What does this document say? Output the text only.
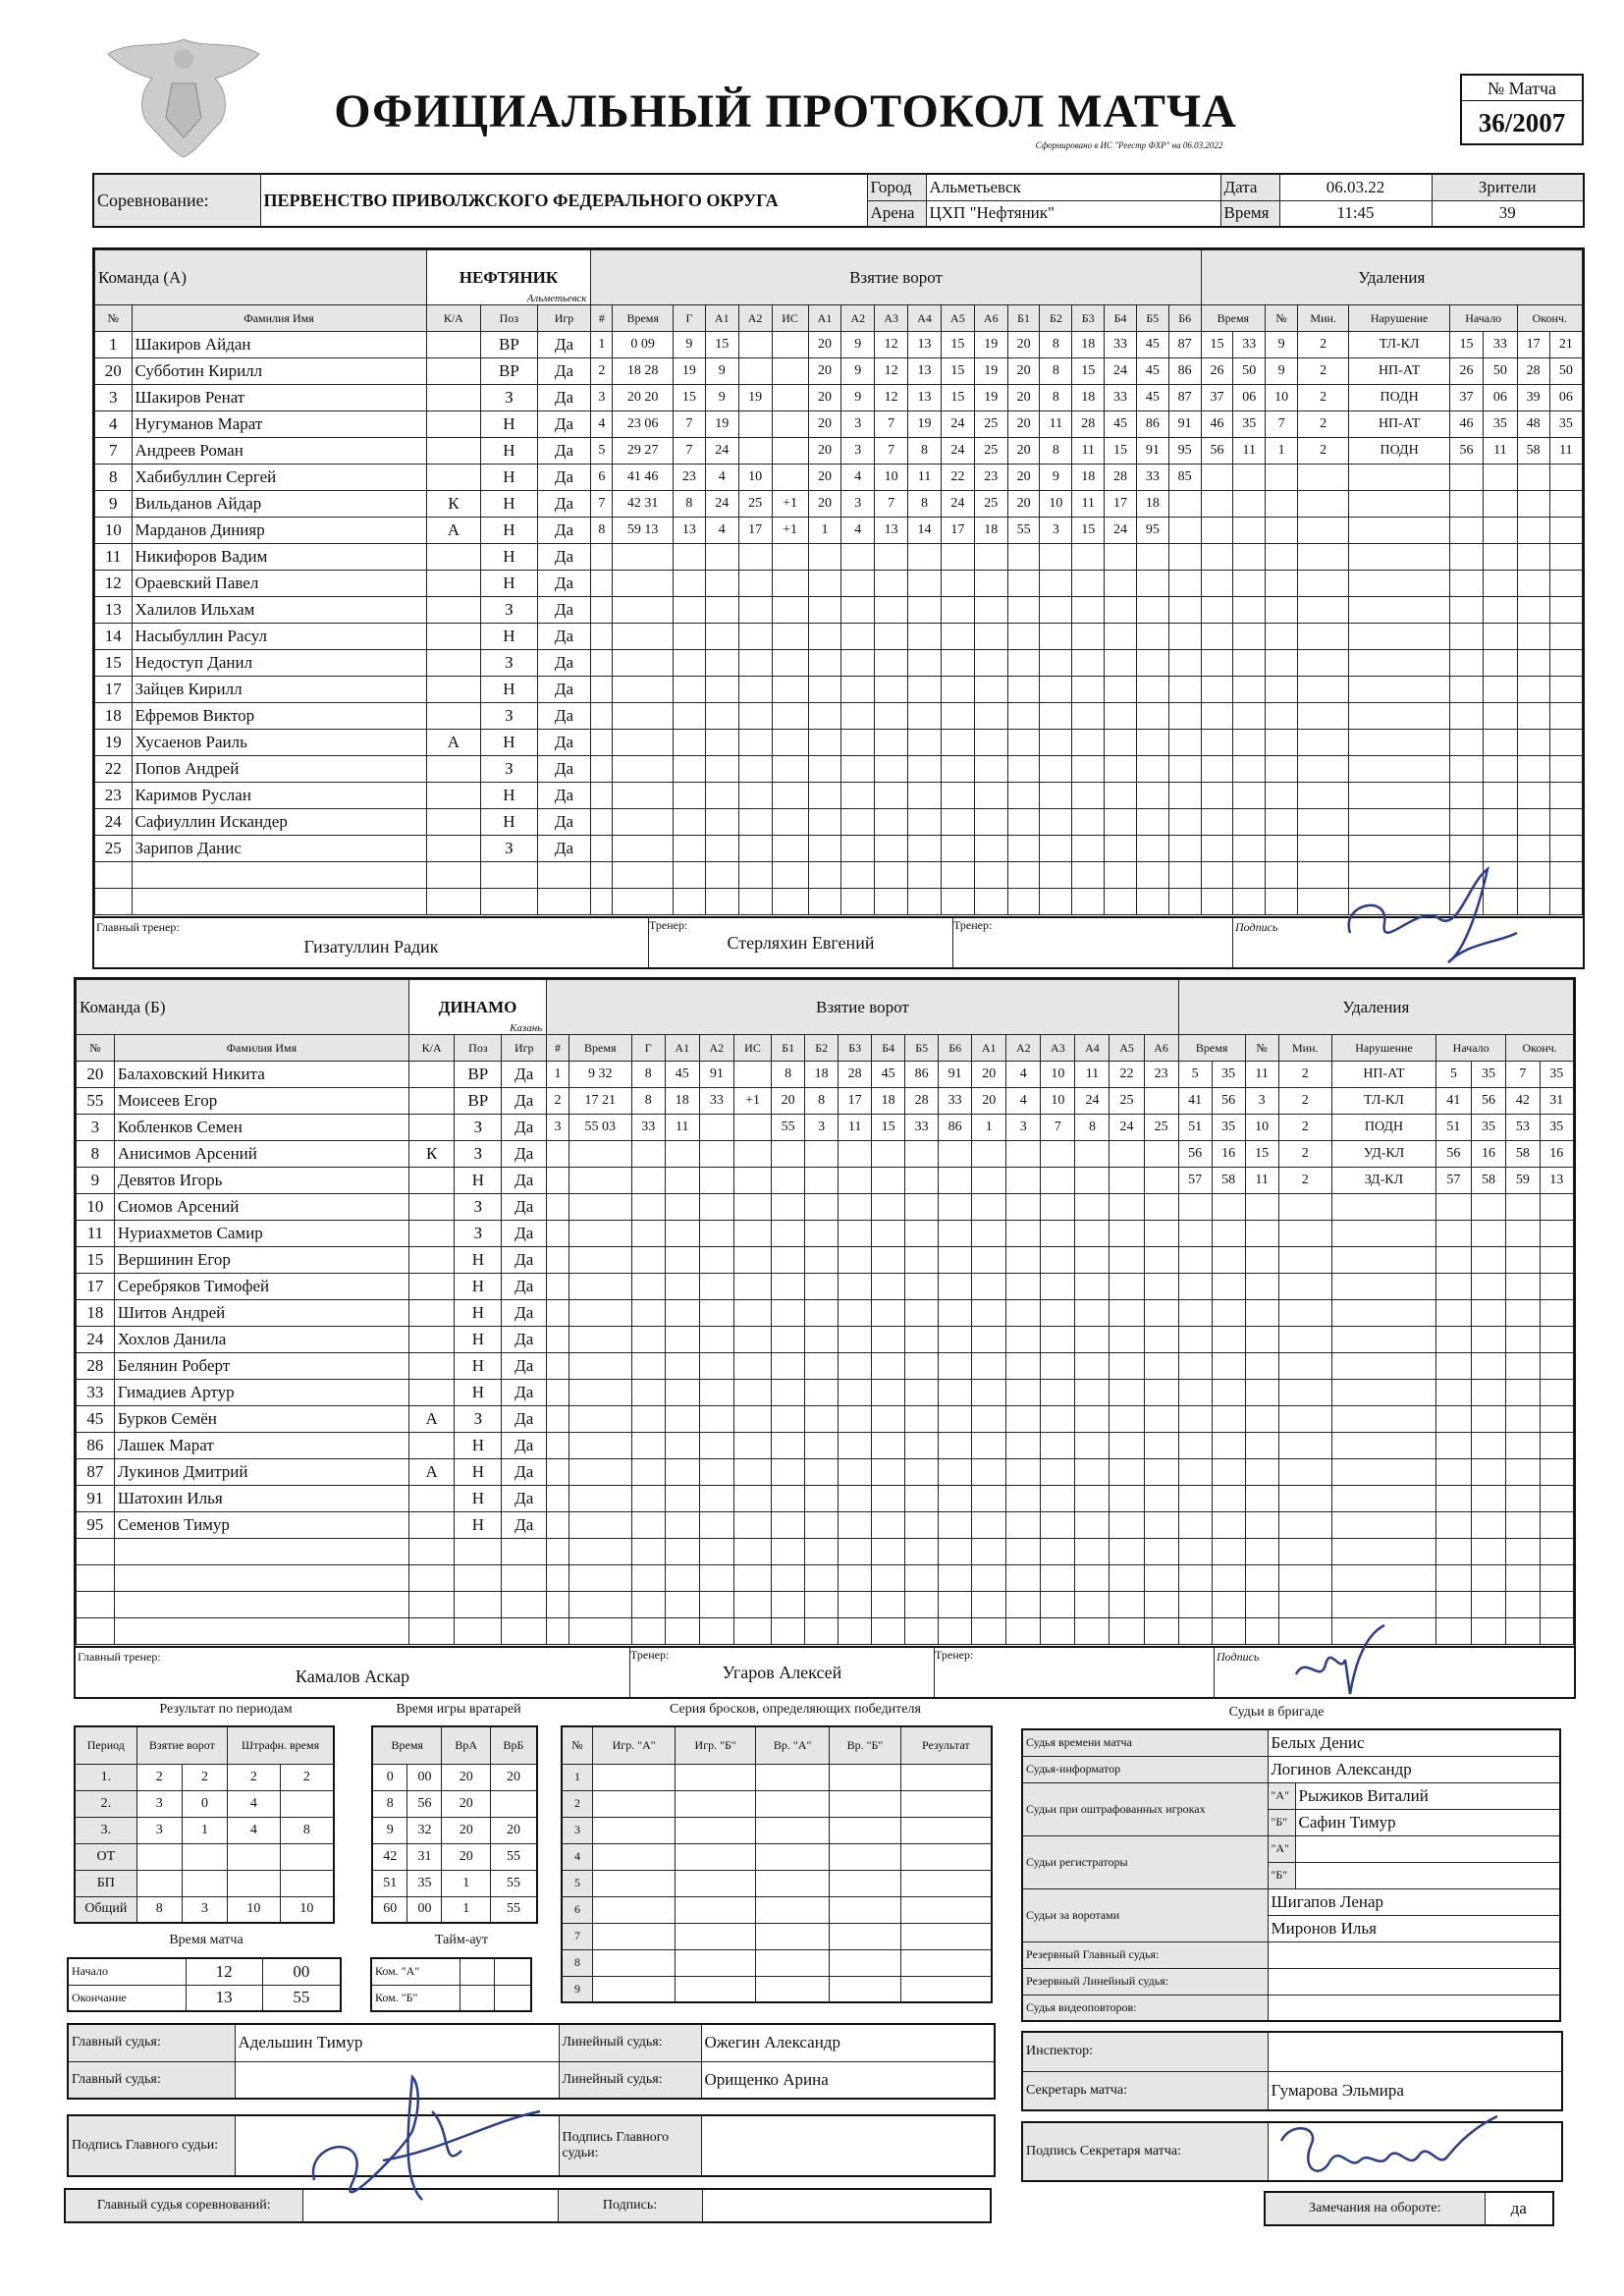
ОФИЦИАЛЬНЫЙ ПРОТОКОЛ МАТЧА
Сформировано в ИС "Реестр ФХР" на 06.03.2022
№ Матча
36/2007
Соревнование:	ПЕРВЕНСТВО ПРИВОЛЖСКОГО ФЕДЕРАЛЬНОГО ОКРУГА	Город	Альметьевск	Дата	06.03.22	Зрители
		Арена	ЦХП "Нефтяник"	Время	11:45	39
Команда (А)		НЕФТЯНИК
Альметьевск			Взятие ворот																		Удаления								
№	Фамилия Имя	К/А	Поз	Игр	#	Время	Г	А1	А2	ИС	А1	А2	А3	А4	А5	А6	Б1	Б2	Б3	Б4	Б5	Б6	Время		№	Мин.	Нарушение	Начало		Оконч.	
1	Шакиров Айдан		ВР	Да	1	0 09	9	15			20	9	12	13	15	19	20	8	18	33	45	87	15	33	9	2	ТЛ-КЛ	15	33	17	21
20	Субботин Кирилл		ВР	Да	2	18 28	19	9			20	9	12	13	15	19	20	8	15	24	45	86	26	50	9	2	НП-АТ	26	50	28	50
3	Шакиров Ренат		З	Да	3	20 20	15	9	19		20	9	12	13	15	19	20	8	18	33	45	87	37	06	10	2	ПОДН	37	06	39	06
4	Нугуманов Марат		Н	Да	4	23 06	7	19			20	3	7	19	24	25	20	11	28	45	86	91	46	35	7	2	НП-АТ	46	35	48	35
7	Андреев Роман		Н	Да	5	29 27	7	24			20	3	7	8	24	25	20	8	11	15	91	95	56	11	1	2	ПОДН	56	11	58	11
8	Хабибуллин Сергей		Н	Да	6	41 46	23	4	10		20	4	10	11	22	23	20	9	18	28	33	85									
9	Вильданов Айдар	К	Н	Да	7	42 31	8	24	25	+1	20	3	7	8	24	25	20	10	11	17	18										
10	Марданов Динияр	А	Н	Да	8	59 13	13	4	17	+1	1	4	13	14	17	18	55	3	15	24	95										
11	Никифоров Вадим		Н	Да																											
12	Ораевский Павел		Н	Да																											
13	Халилов Ильхам		З	Да																											
14	Насыбуллин Расул		Н	Да																											
15	Недоступ Данил		З	Да																											
17	Зайцев Кирилл		Н	Да																											
18	Ефремов Виктор		З	Да																											
19	Хусаенов Раиль	А	Н	Да																											
22	Попов Андрей		З	Да																											
23	Каримов Руслан		Н	Да																											
24	Сафиуллин Искандер		Н	Да																											
25	Зарипов Данис		З	Да																											

Главный тренер:
Гизатуллин Радик
Тренер:
Стерляхин Евгений
Тренер:	Подпись
Команда (Б)		ДИНАМО
Казань			Взятие ворот																		Удаления								
№	Фамилия Имя	К/А	Поз	Игр	#	Время	Г	А1	А2	ИС	Б1	Б2	Б3	Б4	Б5	Б6	А1	А2	А3	А4	А5	А6	Время		№	Мин.	Нарушение	Начало		Оконч.	
20	Балаховский Никита		ВР	Да	1	9 32	8	45	91		8	18	28	45	86	91	20	4	10	11	22	23	5	35	11	2	НП-АТ	5	35	7	35
55	Моисеев Егор		ВР	Да	2	17 21	8	18	33	+1	20	8	17	18	28	33	20	4	10	24	25		41	56	3	2	ТЛ-КЛ	41	56	42	31
3	Кобленков Семен		З	Да	3	55 03	33	11			55	3	11	15	33	86	1	3	7	8	24	25	51	35	10	2	ПОДН	51	35	53	35
8	Анисимов Арсений	К	З	Да																			56	16	15	2	УД-КЛ	56	16	58	16
9	Девятов Игорь		Н	Да																			57	58	11	2	ЗД-КЛ	57	58	59	13
10	Сиомов Арсений		З	Да																											
11	Нуриахметов Самир		З	Да																											
15	Вершинин Егор		Н	Да																											
17	Серебряков Тимофей		Н	Да																											
18	Шитов Андрей		Н	Да																											
24	Хохлов Данила		Н	Да																											
28	Белянин Роберт		Н	Да																											
33	Гимадиев Артур		Н	Да																											
45	Бурков Семён	А	З	Да																											
86	Лашек Марат		Н	Да																											
87	Лукинов Дмитрий	А	Н	Да																											
91	Шатохин Илья		Н	Да																											
95	Семенов Тимур		Н	Да																											

Главный тренер:
Камалов Аскар
Тренер:
Угаров Алексей
Тренер:	Подпись
Результат по периодам
Период	Взятие ворот		Штрафн. время	
1.	2	2	2	2
2.	3	0	4	
3.	3	1	4	8
ОТ				
БП				
Общий	8	3	10	10
Время игры вратарей
Время		ВрА	ВрБ
0	00	20	20
8	56	20	
9	32	20	20
42	31	20	55
51	35	1	55
60	00	1	55
Серия бросков, определяющих победителя
№	Игр. "А"	Игр. "Б"	Вр. "А"	Вр. "Б"	Результат
1					
2					
3					
4					
5					
6					
7					
8					
9					
Время матча
Начало	12	00
Окончание	13	55
Тайм-аут
Ком. "А"		
Ком. "Б"		
Судьи в бригаде
Судья времени матча	Белых Денис	
Судья-информатор	Логинов Александр	
Судьи при оштрафованных игроках	"А"	Рыжиков Виталий
	"Б"	Сафин Тимур
Судьи регистраторы	"А"	
	"Б"	
Судьи за воротами	Шигапов Ленар	
	Миронов Илья	
Резервный Главный судья:		
Резервный Линейный судья:		
Судья видеоповторов:		
Главный судья:	Адельшин Тимур	Линейный судья:	Ожегин Александр
Главный судья:		Линейный судья:	Орищенко Арина
Подпись Главного судьи:		Подпись Главного судьи:	
Инспектор:	
Секретарь матча:	Гумарова Эльмира
Подпись Секретаря матча:	
Главный судья соревнований:		Подпись:		Замечания на обороте:	да
